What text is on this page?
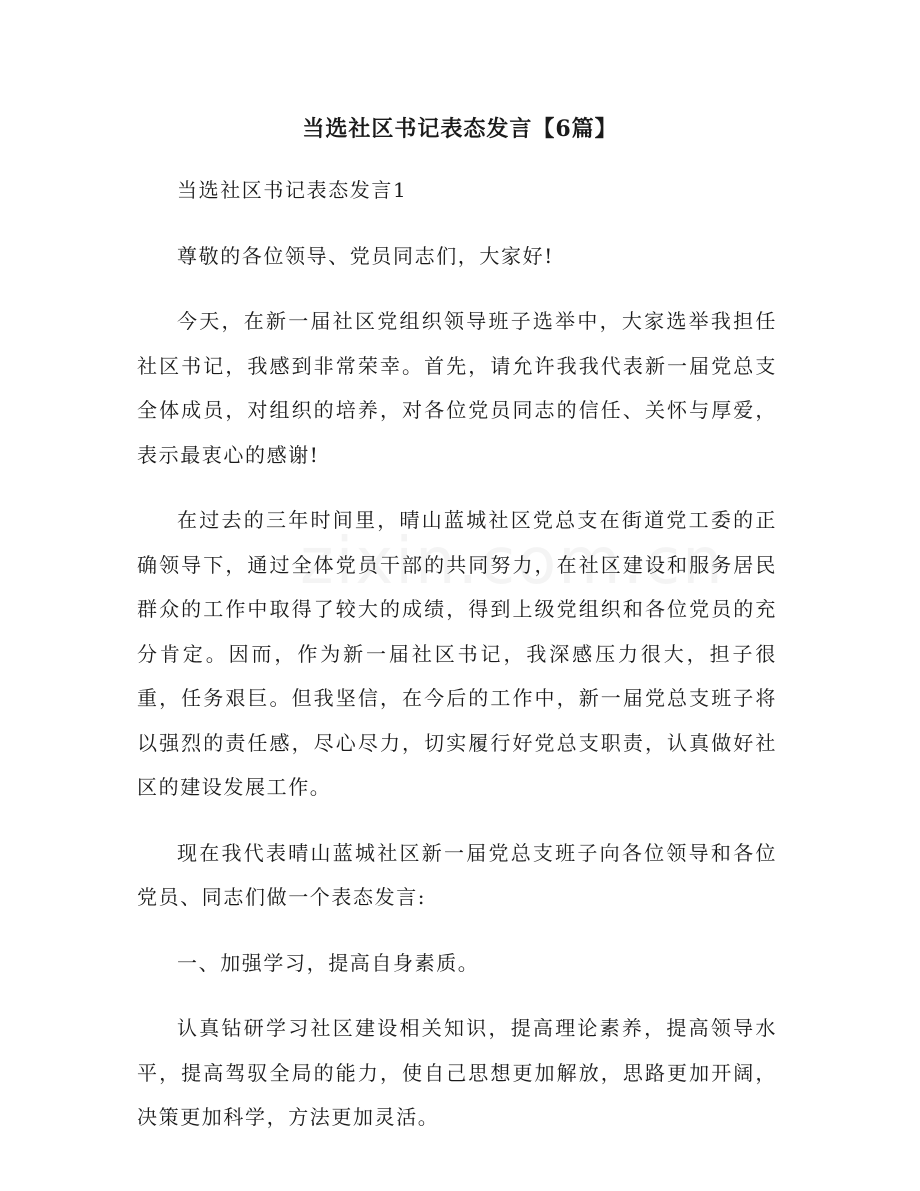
当选社区书记表态发言【6篇】

当选社区书记表态发言1

尊敬的各位领导、党员同志们，大家好!

今天，在新一届社区党组织领导班子选举中，大家选举我担任社区书记，我感到非常荣幸。首先，请允许我我代表新一届党总支全体成员，对组织的培养，对各位党员同志的信任、关怀与厚爱，表示最衷心的感谢!

在过去的三年时间里，晴山蓝城社区党总支在街道党工委的正确领导下，通过全体党员干部的共同努力，在社区建设和服务居民群众的工作中取得了较大的成绩，得到上级党组织和各位党员的充分肯定。因而，作为新一届社区书记，我深感压力很大，担子很重，任务艰巨。但我坚信，在今后的工作中，新一届党总支班子将以强烈的责任感，尽心尽力，切实履行好党总支职责，认真做好社区的建设发展工作。

现在我代表晴山蓝城社区新一届党总支班子向各位领导和各位党员、同志们做一个表态发言:

一、加强学习，提高自身素质。

认真钻研学习社区建设相关知识，提高理论素养，提高领导水平，提高驾驭全局的能力，使自己思想更加解放，思路更加开阔，决策更加科学，方法更加灵活。
